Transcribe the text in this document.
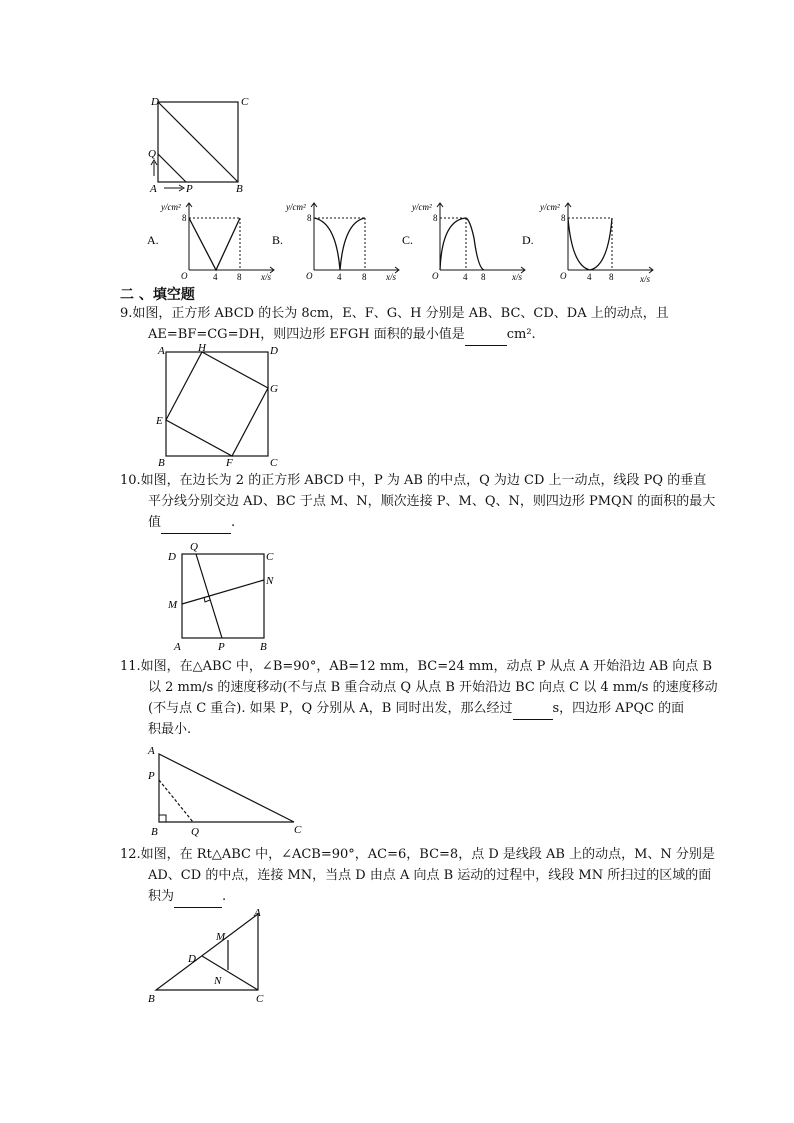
D	C
Q
A	P	B
A.
y/cm²
8
O	4 8 x/s
B.
y/cm²
8
O	4 8 x/s
C.
y/cm²
8
O	4 8	x/s
D.
y/cm²
8
O 4 8	x/s
二 、填空题
9.如图，正方形 ABCD 的长为 8cm，E、F、G、H 分别是 AB、BC、CD、DA 上的动点，且
AE=BF=CG=DH，则四边形 EFGH 面积的最小值是	cm².
A	H	D
G
E
B	F	C
10.如图，在边长为 2 的正方形 ABCD 中，P 为 AB 的中点，Q 为边 CD 上一动点，线段 PQ 的垂直
平分线分别交边 AD、BC 于点 M、N，顺次连接 P、M、Q、N，则四边形 PMQN 的面积的最大
值	.
D
Q
C
N
M
A	P	B
11.如图，在△ABC 中，∠B=90°，AB=12 mm，BC=24 mm，动点 P 从点 A 开始沿边 AB 向点 B
以 2 mm/s 的速度移动(不与点 B 重合动点 Q 从点 B 开始沿边 BC 向点 C 以 4 mm/s 的速度移动
(不与点 C 重合). 如果 P，Q 分别从 A，B 同时出发，那么经过	s，四边形 APQC 的面
积最小.
A
P
B	Q	C
12.如图，在 Rt△ABC 中，∠ACB=90°，AC=6，BC=8，点 D 是线段 AB 上的动点，M、N 分别是
AD、CD 的中点，连接 MN，当点 D 由点 A 向点 B 运动的过程中，线段 MN 所扫过的区域的面
积为	.
A
M
D
N
B	C
